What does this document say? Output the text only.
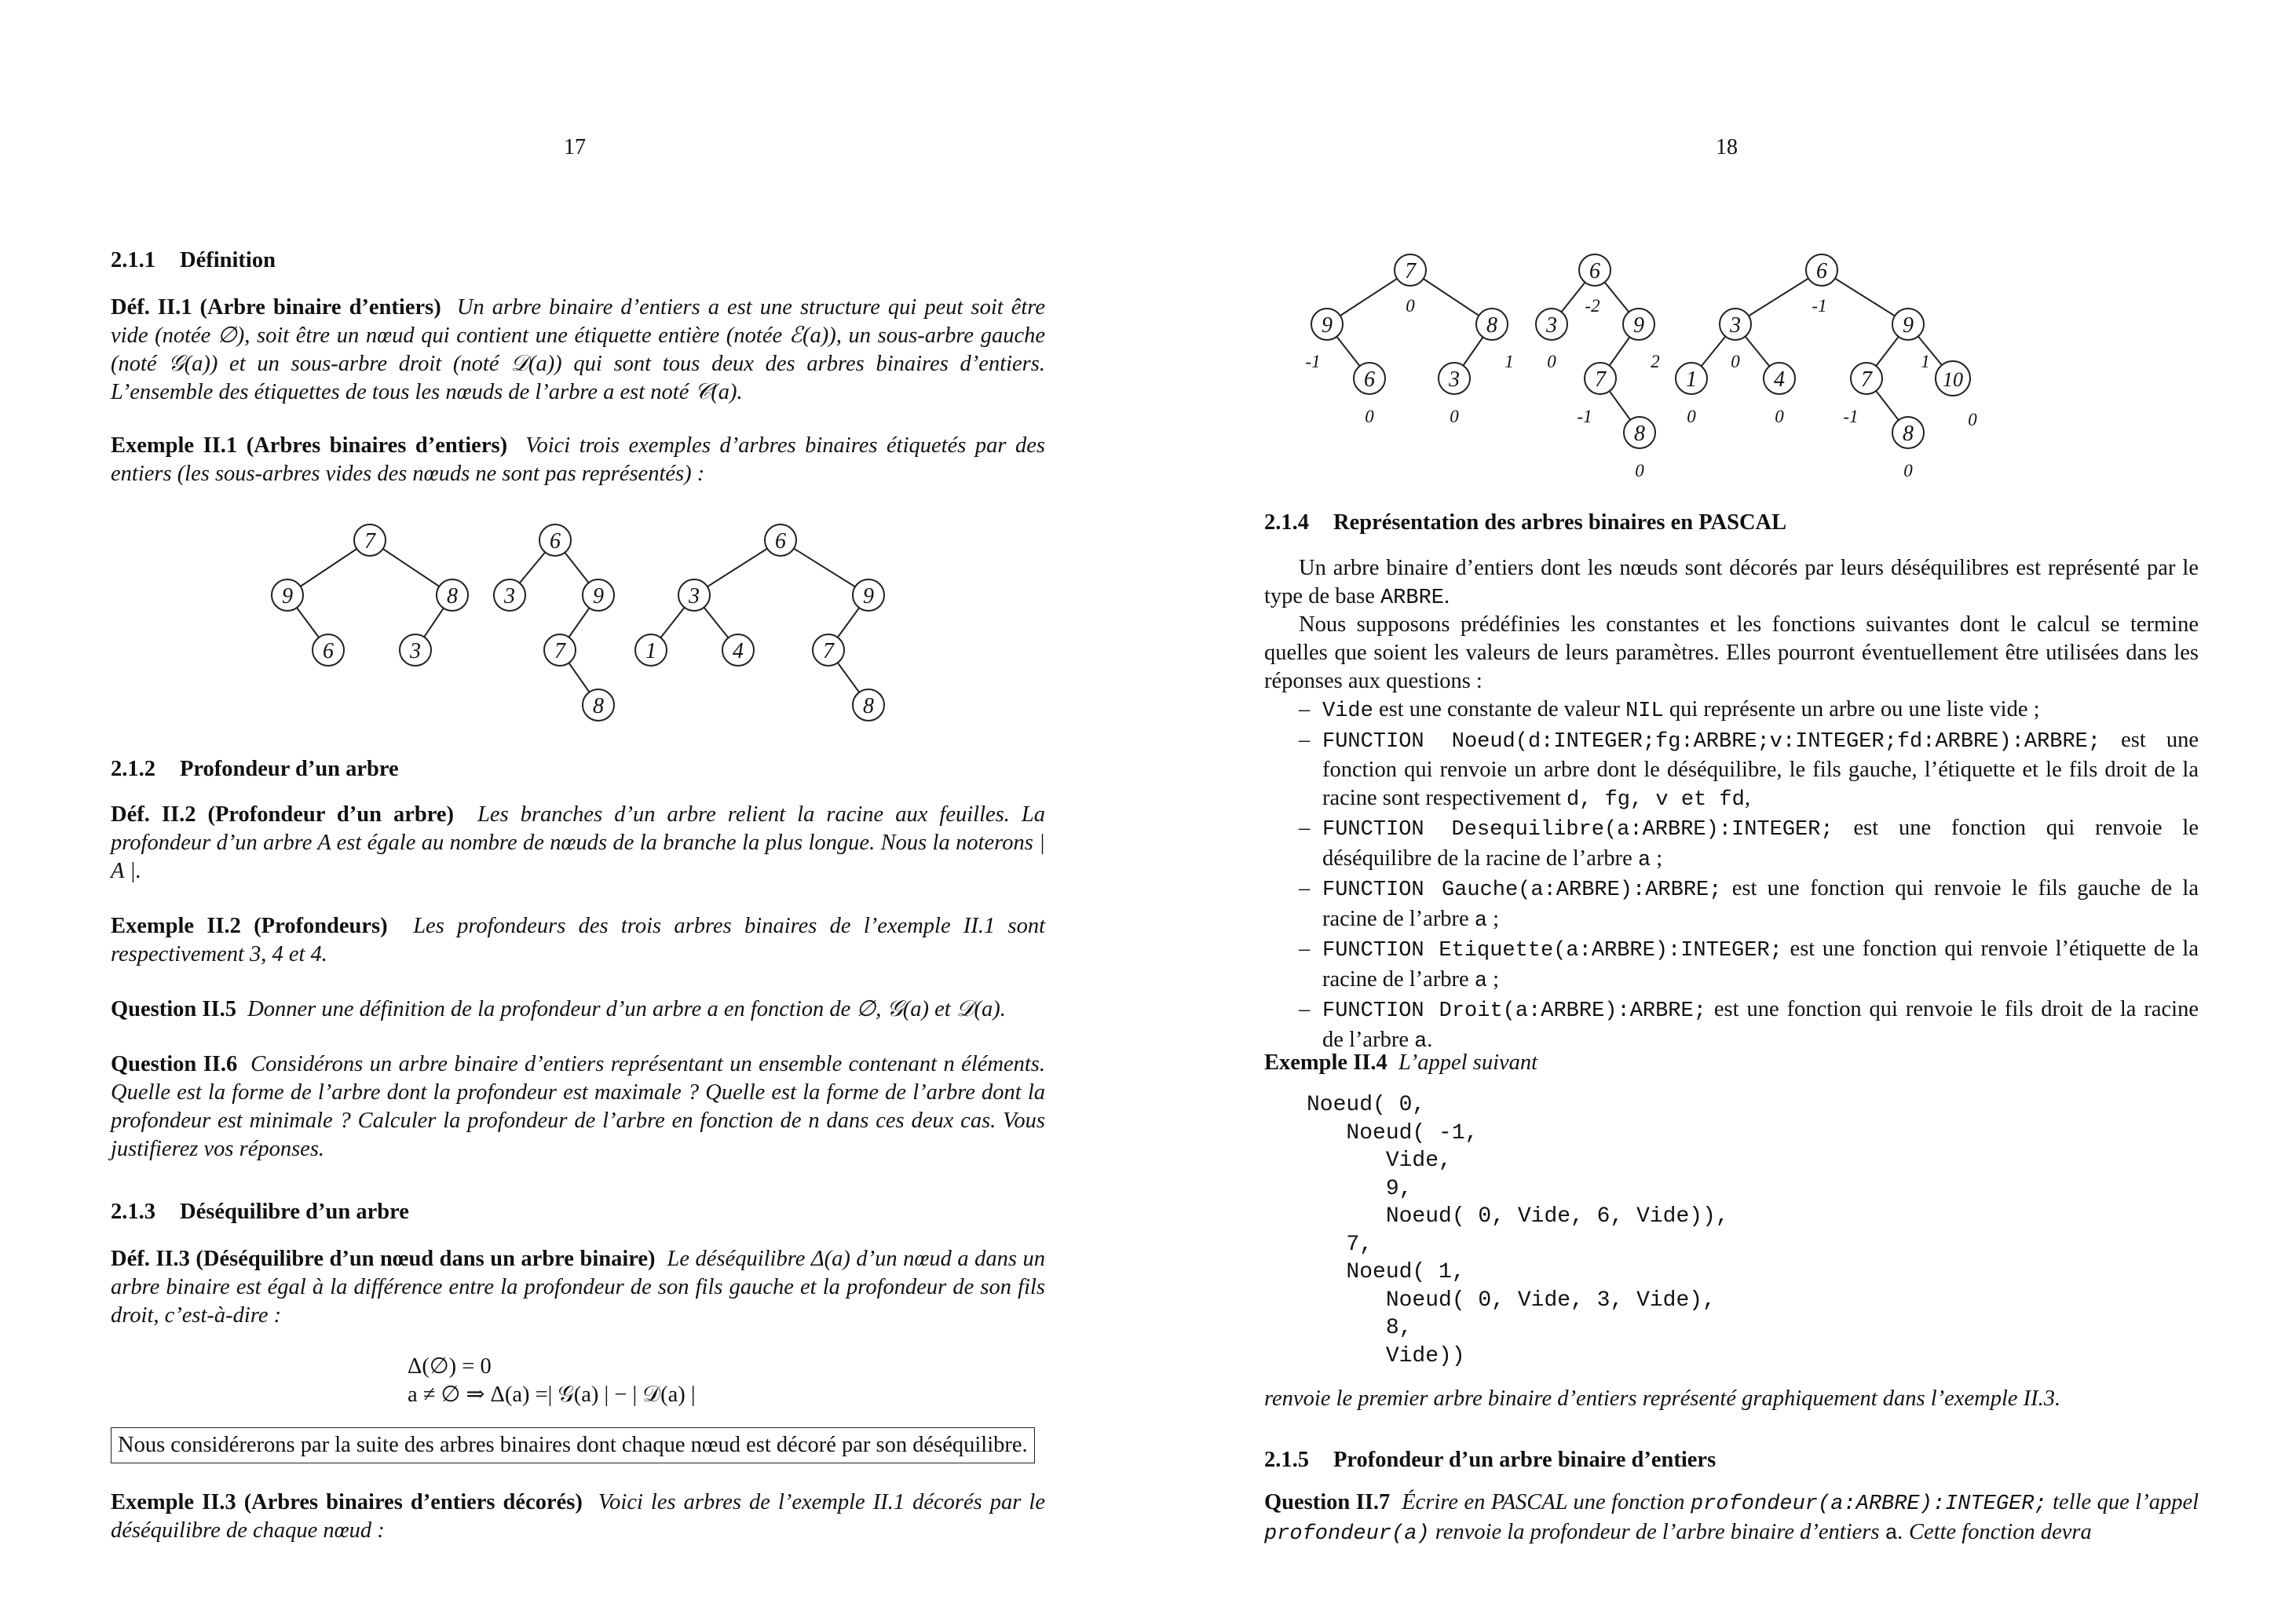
17
2.1.1 Définition

Déf. II.1 (Arbre binaire d’entiers) Un arbre binaire d’entiers a est une structure qui peut soit être vide (notée ∅), soit être un nœud qui contient une étiquette entière (notée ℰ(a)), un sous-arbre gauche (noté 𝒢(a)) et un sous-arbre droit (noté 𝒟(a)) qui sont tous deux des arbres binaires d’entiers. L’ensemble des étiquettes de tous les nœuds de l’arbre a est noté 𝒞(a).

Exemple II.1 (Arbres binaires d’entiers) Voici trois exemples d’arbres binaires étiquetés par des entiers (les sous-arbres vides des nœuds ne sont pas représentés) :

7
9	8
6	3
6
3	9
7
8
6
3	9
1	4	7
8
2.1.2 Profondeur d’un arbre

Déf. II.2 (Profondeur d’un arbre) Les branches d’un arbre relient la racine aux feuilles. La profondeur d’un arbre A est égale au nombre de nœuds de la branche la plus longue. Nous la noterons | A |.

Exemple II.2 (Profondeurs) Les profondeurs des trois arbres binaires de l’exemple II.1 sont respectivement 3, 4 et 4.

Question II.5 Donner une définition de la profondeur d’un arbre a en fonction de ∅, 𝒢(a) et 𝒟(a).

Question II.6 Considérons un arbre binaire d’entiers représentant un ensemble contenant n éléments. Quelle est la forme de l’arbre dont la profondeur est maximale ? Quelle est la forme de l’arbre dont la profondeur est minimale ? Calculer la profondeur de l’arbre en fonction de n dans ces deux cas. Vous justifierez vos réponses.

2.1.3 Déséquilibre d’un arbre

Déf. II.3 (Déséquilibre d’un nœud dans un arbre binaire) Le déséquilibre Δ(a) d’un nœud a dans un arbre binaire est égal à la différence entre la profondeur de son fils gauche et la profondeur de son fils droit, c’est-à-dire :

Δ(∅) = 0
a ≠ ∅ ⇒ Δ(a) =| 𝒢(a) | − | 𝒟(a) |
Nous considérerons par la suite des arbres binaires dont chaque nœud est décoré par son déséquilibre.

Exemple II.3 (Arbres binaires d’entiers décorés) Voici les arbres de l’exemple II.1 décorés par le déséquilibre de chaque nœud :

18
7
9	8
6	3
6
3	9
7
8
6
3	9
1	4	7	10
8
0
-1	1
0	0
-2
0	2
-1
0
-1
0	1
0	0	-1	0
0
2.1.4 Représentation des arbres binaires en PASCAL

Un arbre binaire d’entiers dont les nœuds sont décorés par leurs déséquilibres est représenté par le type de base ARBRE.

Nous supposons prédéfinies les constantes et les fonctions suivantes dont le calcul se termine quelles que soient les valeurs de leurs paramètres. Elles pourront éventuellement être utilisées dans les réponses aux questions :

– Vide est une constante de valeur NIL qui représente un arbre ou une liste vide ;
– FUNCTION Noeud(d:INTEGER;fg:ARBRE;v:INTEGER;fd:ARBRE):ARBRE; est une fonction qui renvoie un arbre dont le déséquilibre, le fils gauche, l’étiquette et le fils droit de la racine sont respectivement d, fg, v et fd,
– FUNCTION Desequilibre(a:ARBRE):INTEGER; est une fonction qui renvoie le déséquilibre de la racine de l’arbre a ;
– FUNCTION Gauche(a:ARBRE):ARBRE; est une fonction qui renvoie le fils gauche de la racine de l’arbre a ;
– FUNCTION Etiquette(a:ARBRE):INTEGER; est une fonction qui renvoie l’étiquette de la racine de l’arbre a ;
– FUNCTION Droit(a:ARBRE):ARBRE; est une fonction qui renvoie le fils droit de la racine de l’arbre a.

Exemple II.4 L’appel suivant

Noeud( 0,
Noeud( -1,
Vide,
9,
Noeud( 0, Vide, 6, Vide)),
7,
Noeud( 1,
Noeud( 0, Vide, 3, Vide),
8,
Vide))

renvoie le premier arbre binaire d’entiers représenté graphiquement dans l’exemple II.3.

2.1.5 Profondeur d’un arbre binaire d’entiers

Question II.7 Écrire en PASCAL une fonction profondeur(a:ARBRE):INTEGER; telle que l’appel profondeur(a) renvoie la profondeur de l’arbre binaire d’entiers a. Cette fonction devra
